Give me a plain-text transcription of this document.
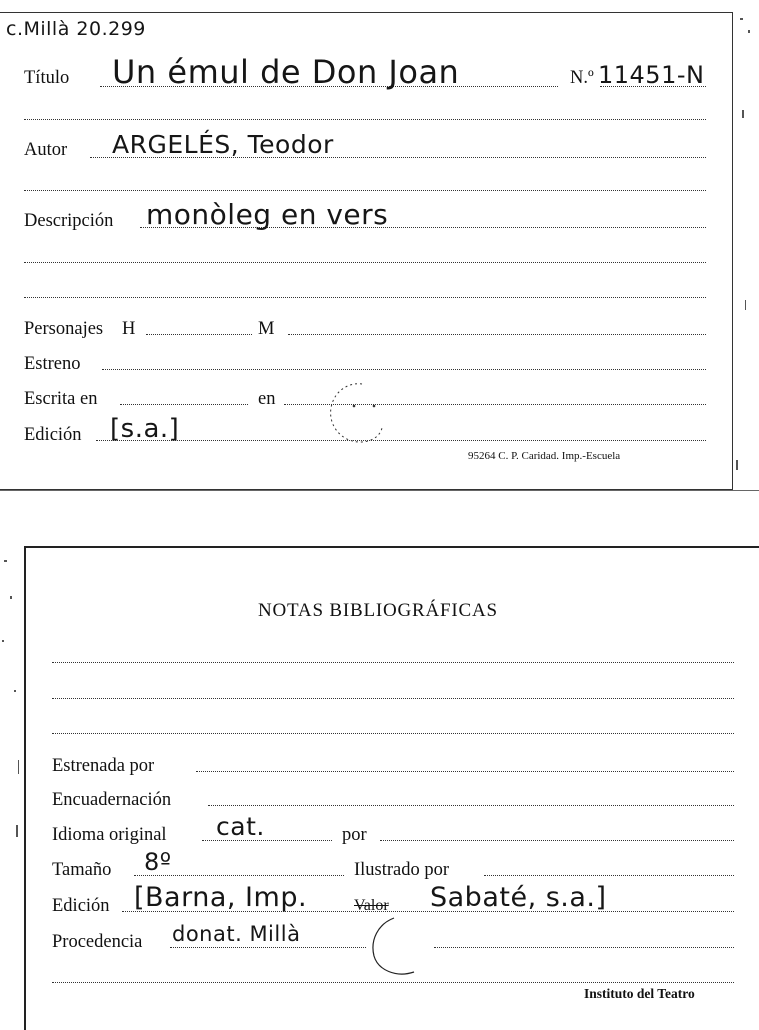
c.Millà 20.299
Título Un émul de Don Joan	N.º 11451-N
Autor ARGELÉS, Teodor
Descripción monòleg en vers
Personajes H	M
Estreno
Escrita en	en
Edición [s.a.]
95264 C. P. Caridad. Imp.-Escuela
NOTAS BIBLIOGRÁFICAS
Estrenada por
Encuadernación
Idioma original cat.	por
Tamaño 8º	Ilustrado por
Edición [Barna, Imp.	Valor Sabaté, s.a.]
Procedencia donat. Millà
Instituto del Teatro
